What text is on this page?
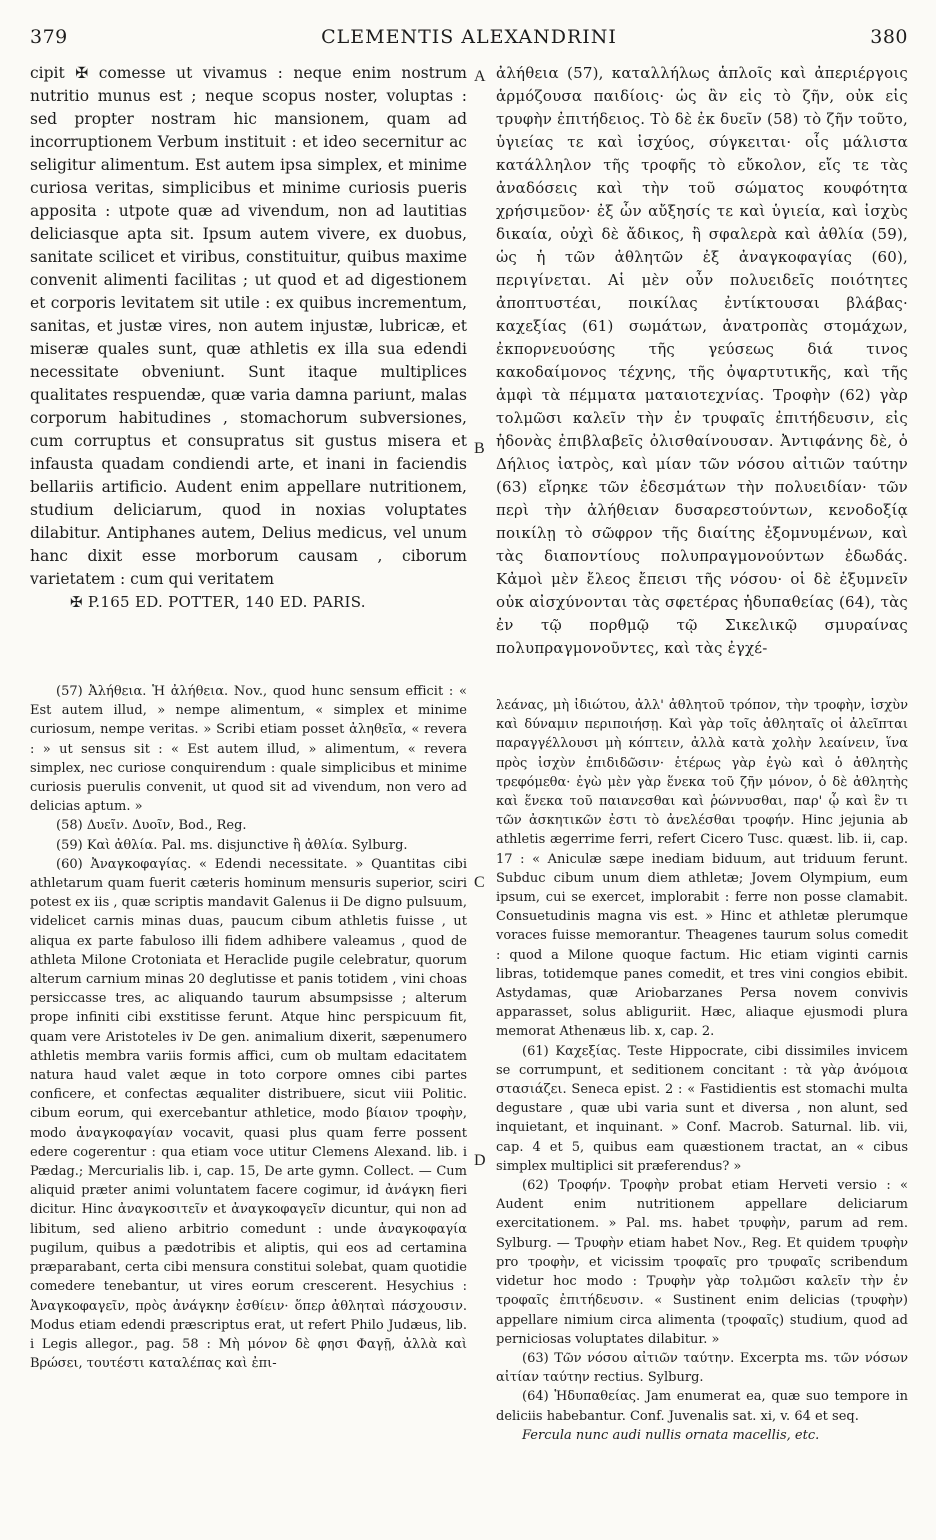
379	CLEMENTIS ALEXANDRINI	380
A
B
C
D

cipit ✠ comesse ut vivamus : neque enim nostrum nutritio munus est ; neque scopus noster, voluptas : sed propter nostram hic mansionem, quam ad incorruptionem Verbum instituit : et ideo secernitur ac seligitur alimentum. Est autem ipsa simplex, et minime curiosa veritas, simplicibus et minime curiosis pueris apposita : utpote quæ ad vivendum, non ad lautitias deliciasque apta sit. Ipsum autem vivere, ex duobus, sanitate scilicet et viribus, constituitur, quibus maxime convenit alimenti facilitas ; ut quod et ad digestionem et corporis levitatem sit utile : ex quibus incrementum, sanitas, et justæ vires, non autem injustæ, lubricæ, et miseræ quales sunt, quæ athletis ex illa sua edendi necessitate obveniunt. Sunt itaque multiplices qualitates respuendæ, quæ varia damna pariunt, malas corporum habitudines , stomachorum subversiones, cum corruptus et consupratus sit gustus misera et infausta quadam condiendi arte, et inani in faciendis bellariis artificio. Audent enim appellare nutritionem, studium deliciarum, quod in noxias voluptates dilabitur. Antiphanes autem, Delius medicus, vel unum hanc dixit esse morborum causam , ciborum varietatem : cum qui veritatem

✠ P.165 ED. POTTER, 140 ED. PARIS.

ἀλήθεια (57), καταλλήλως ἁπλοῖς καὶ ἀπεριέργοις ἁρμόζουσα παιδίοις· ὡς ἂν εἰς τὸ ζῆν, οὐκ εἰς τρυφὴν ἐπιτήδειος. Τὸ δὲ ἐκ δυεῖν (58) τὸ ζῆν τοῦτο, ὑγιείας τε καὶ ἰσχύος, σύγκειται· οἷς μάλιστα κατάλληλον τῆς τροφῆς τὸ εὔκολον, εἴς τε τὰς ἀναδόσεις καὶ τὴν τοῦ σώματος κουφότητα χρήσιμεῦον· ἐξ ὧν αὔξησίς τε καὶ ὑγιεία, καὶ ἰσχὺς δικαία, οὐχὶ δὲ ἄδικος, ἢ σφαλερὰ καὶ ἀθλία (59), ὡς ἡ τῶν ἀθλητῶν ἐξ ἀναγκοφαγίας (60), περιγίνεται. Αἱ μὲν οὖν πολυειδεῖς ποιότητες ἀποπτυστέαι, ποικίλας ἐντίκτουσαι βλάβας· καχεξίας (61) σωμάτων, ἀνατροπὰς στομάχων, ἐκπορνευούσης τῆς γεύσεως διά τινος κακοδαίμονος τέχνης, τῆς ὀψαρτυτικῆς, καὶ τῆς ἀμφὶ τὰ πέμματα ματαιοτεχνίας. Τροφὴν (62) γὰρ τολμῶσι καλεῖν τὴν ἐν τρυφαῖς ἐπιτήδευσιν, εἰς ἡδονὰς ἐπιβλαβεῖς ὀλισθαίνουσαν. Ἀντιφάνης δὲ, ὁ Δήλιος ἰατρὸς, καὶ μίαν τῶν νόσου αἰτιῶν ταύτην (63) εἴρηκε τῶν ἐδεσμάτων τὴν πολυειδίαν· τῶν περὶ τὴν ἀλήθειαν δυσαρεστούντων, κενοδοξίᾳ ποικίλῃ τὸ σῶφρον τῆς διαίτης ἐξομνυμένων, καὶ τὰς διαποντίους πολυπραγμονούντων ἐδωδάς. Κἀμοὶ μὲν ἔλεος ἔπεισι τῆς νόσου· οἱ δὲ ἐξυμνεῖν οὐκ αἰσχύνονται τὰς σφετέρας ἡδυπαθείας (64), τὰς ἐν τῷ πορθμῷ τῷ Σικελικῷ σμυραίνας πολυπραγμονοῦντες, καὶ τὰς ἐγχέ-

(57) Ἀλήθεια. Ἡ ἀλήθεια. Nov., quod hunc sensum efficit : « Est autem illud, » nempe alimentum, « simplex et minime curiosum, nempe veritas. » Scribi etiam posset ἀληθεῖα, « revera : » ut sensus sit : « Est autem illud, » alimentum, « revera simplex, nec curiose conquirendum : quale simplicibus et minime curiosis puerulis convenit, ut quod sit ad vivendum, non vero ad delicias aptum. »

(58) Δυεῖν. Δυοῖν, Bod., Reg.

(59) Καὶ ἀθλία. Pal. ms. disjunctive ἢ ἀθλία. Sylburg.

(60) Ἀναγκοφαγίας. « Edendi necessitate. » Quantitas cibi athletarum quam fuerit cæteris hominum mensuris superior, sciri potest ex iis , quæ scriptis mandavit Galenus ii De digno pulsuum, videlicet carnis minas duas, paucum cibum athletis fuisse , ut aliqua ex parte fabuloso illi fidem adhibere valeamus , quod de athleta Milone Crotoniata et Heraclide pugile celebratur, quorum alterum carnium minas 20 deglutisse et panis totidem , vini choas persiccasse tres, ac aliquando taurum absumpsisse ; alterum prope infiniti cibi exstitisse ferunt. Atque hinc perspicuum fit, quam vere Aristoteles iv De gen. animalium dixerit, sæpenumero athletis membra variis formis affici, cum ob multam edacitatem natura haud valet æque in toto corpore omnes cibi partes conficere, et confectas æqualiter distribuere, sicut viii Politic. cibum eorum, qui exercebantur athletice, modo βίαιον τροφὴν, modo ἀναγκοφαγίαν vocavit, quasi plus quam ferre possent edere cogerentur : qua etiam voce utitur Clemens Alexand. lib. i Pædag.; Mercurialis lib. i, cap. 15, De arte gymn. Collect. — Cum aliquid præter animi voluntatem facere cogimur, id ἀνάγκη fieri dicitur. Hinc ἀναγκοσιτεῖν et ἀναγκοφαγεῖν dicuntur, qui non ad libitum, sed alieno arbitrio comedunt : unde ἀναγκοφαγία pugilum, quibus a pædotribis et aliptis, qui eos ad certamina præparabant, certa cibi mensura constitui solebat, quam quotidie comedere tenebantur, ut vires eorum crescerent. Hesychius : Ἀναγκοφαγεῖν, πρὸς ἀνάγκην ἐσθίειν· ὅπερ ἀθληταὶ πάσχουσιν. Modus etiam edendi præscriptus erat, ut refert Philo Judæus, lib. i Legis allegor., pag. 58 : Μὴ μόνον δὲ φησι Φαγῇ, ἀλλὰ καὶ Βρώσει, τουτέστι καταλέπας καὶ ἐπι-

λεάνας, μὴ ἰδιώτου, ἀλλ' ἀθλητοῦ τρόπον, τὴν τροφὴν, ἰσχὺν καὶ δύναμιν περιποιήσῃ. Καὶ γὰρ τοῖς ἀθληταῖς οἱ ἀλεῖπται παραγγέλλουσι μὴ κόπτειν, ἀλλὰ κατὰ χολὴν λεαίνειν, ἵνα πρὸς ἰσχὺν ἐπιδιδῶσιν· ἑτέρως γὰρ ἐγὼ καὶ ὁ ἀθλητὴς τρεφόμεθα· ἐγὼ μὲν γὰρ ἕνεκα τοῦ ζῆν μόνον, ὁ δὲ ἀθλητὴς καὶ ἕνεκα τοῦ παιανεσθαι καὶ ῥώννυσθαι, παρ' ᾧ καὶ ἓν τι τῶν ἀσκητικῶν ἐστι τὸ ἀνελέσθαι τροφήν. Hinc jejunia ab athletis ægerrime ferri, refert Cicero Tusc. quæst. lib. ii, cap. 17 : « Aniculæ sæpe inediam biduum, aut triduum ferunt. Subduc cibum unum diem athletæ; Jovem Olympium, eum ipsum, cui se exercet, implorabit : ferre non posse clamabit. Consuetudinis magna vis est. » Hinc et athletæ plerumque voraces fuisse memorantur. Theagenes taurum solus comedit : quod a Milone quoque factum. Hic etiam viginti carnis libras, totidemque panes comedit, et tres vini congios ebibit. Astydamas, quæ Ariobarzanes Persa novem convivis apparasset, solus abliguriit. Hæc, aliaque ejusmodi plura memorat Athenæus lib. x, cap. 2.

(61) Καχεξίας. Teste Hippocrate, cibi dissimiles invicem se corrumpunt, et seditionem concitant : τὰ γὰρ ἀνόμοια στασιάζει. Seneca epist. 2 : « Fastidientis est stomachi multa degustare , quæ ubi varia sunt et diversa , non alunt, sed inquietant, et inquinant. » Conf. Macrob. Saturnal. lib. vii, cap. 4 et 5, quibus eam quæstionem tractat, an « cibus simplex multiplici sit præferendus? »

(62) Τροφήν. Τροφὴν probat etiam Herveti versio : « Audent enim nutritionem appellare deliciarum exercitationem. » Pal. ms. habet τρυφὴν, parum ad rem. Sylburg. — Τρυφὴν etiam habet Nov., Reg. Et quidem τρυφὴν pro τροφὴν, et vicissim τροφαῖς pro τρυφαῖς scribendum videtur hoc modo : Τρυφὴν γὰρ τολμῶσι καλεῖν τὴν ἐν τροφαῖς ἐπιτήδευσιν. « Sustinent enim delicias (τρυφὴν) appellare nimium circa alimenta (τροφαῖς) studium, quod ad perniciosas voluptates dilabitur. »

(63) Τῶν νόσου αἰτιῶν ταύτην. Excerpta ms. τῶν νόσων αἰτίαν ταύτην rectius. Sylburg.

(64) Ἡδυπαθείας. Jam enumerat ea, quæ suo tempore in deliciis habebantur. Conf. Juvenalis sat. xi, v. 64 et seq.

Fercula nunc audi nullis ornata macellis, etc.
